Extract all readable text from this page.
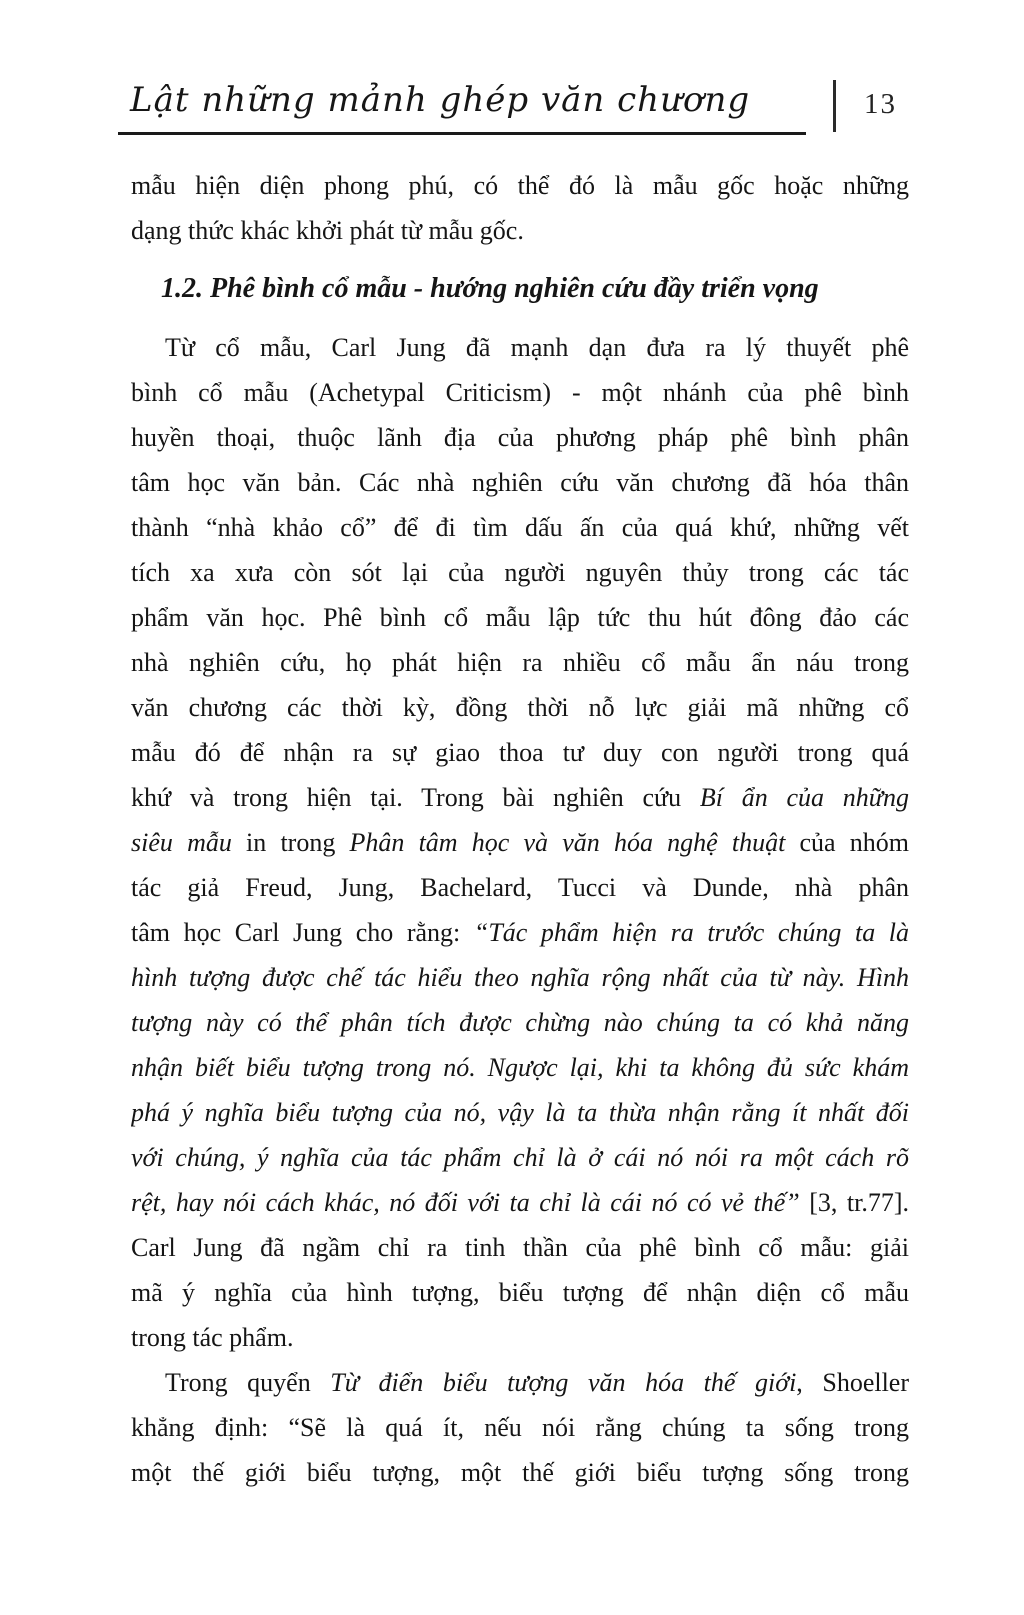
Lật những mảnh ghép văn chương	13
mẫu hiện diện phong phú, có thể đó là mẫu gốc hoặc những
dạng thức khác khởi phát từ mẫu gốc.
1.2. Phê bình cổ mẫu - hướng nghiên cứu đầy triển vọng
Từ cổ mẫu, Carl Jung đã mạnh dạn đưa ra lý thuyết phê
bình cổ mẫu (Achetypal Criticism) - một nhánh của phê bình
huyền thoại, thuộc lãnh địa của phương pháp phê bình phân
tâm học văn bản. Các nhà nghiên cứu văn chương đã hóa thân
thành “nhà khảo cổ” để đi tìm dấu ấn của quá khứ, những vết
tích xa xưa còn sót lại của người nguyên thủy trong các tác
phẩm văn học. Phê bình cổ mẫu lập tức thu hút đông đảo các
nhà nghiên cứu, họ phát hiện ra nhiều cổ mẫu ẩn náu trong
văn chương các thời kỳ, đồng thời nỗ lực giải mã những cổ
mẫu đó để nhận ra sự giao thoa tư duy con người trong quá
khứ và trong hiện tại. Trong bài nghiên cứu Bí ẩn của những
siêu mẫu in trong Phân tâm học và văn hóa nghệ thuật của nhóm
tác giả Freud, Jung, Bachelard, Tucci và Dunde, nhà phân
tâm học Carl Jung cho rằng: “Tác phẩm hiện ra trước chúng ta là
hình tượng được chế tác hiểu theo nghĩa rộng nhất của từ này. Hình
tượng này có thể phân tích được chừng nào chúng ta có khả năng
nhận biết biểu tượng trong nó. Ngược lại, khi ta không đủ sức khám
phá ý nghĩa biểu tượng của nó, vậy là ta thừa nhận rằng ít nhất đối
với chúng, ý nghĩa của tác phẩm chỉ là ở cái nó nói ra một cách rõ
rệt, hay nói cách khác, nó đối với ta chỉ là cái nó có vẻ thế” [3, tr.77].
Carl Jung đã ngầm chỉ ra tinh thần của phê bình cổ mẫu: giải
mã ý nghĩa của hình tượng, biểu tượng để nhận diện cổ mẫu
trong tác phẩm.
Trong quyển Từ điển biểu tượng văn hóa thế giới, Shoeller
khẳng định: “Sẽ là quá ít, nếu nói rằng chúng ta sống trong
một thế giới biểu tượng, một thế giới biểu tượng sống trong
